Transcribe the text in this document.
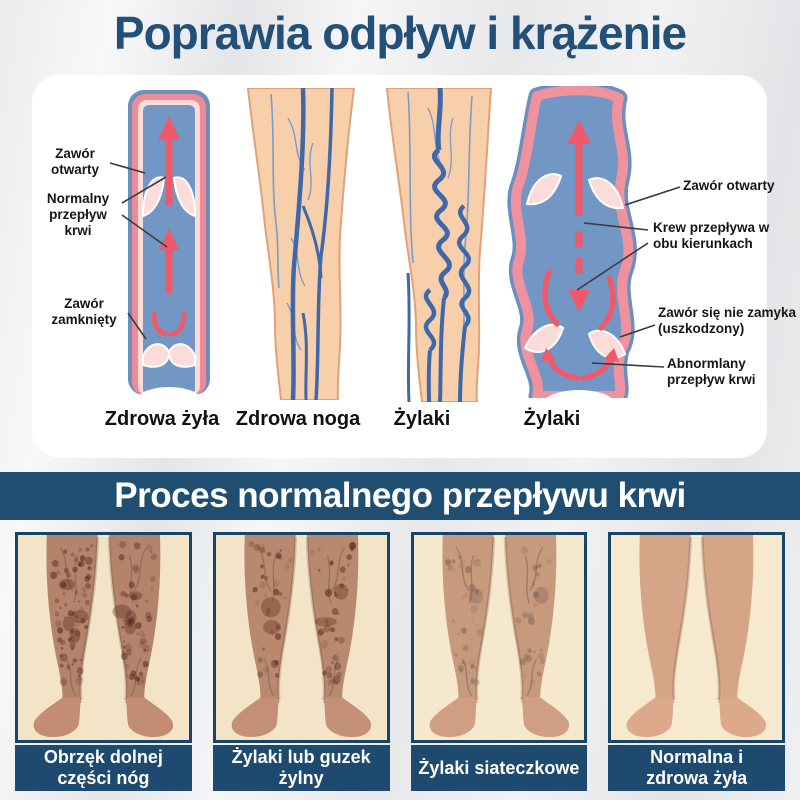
Poprawia odpływ i krążenie
Zawór otwarty
Normalny przepływ krwi
Zawór zamknięty
Zawór otwarty
Krew przepływa w obu kierunkach
Zawór się nie zamyka (uszkodzony)
Abnormlany przepływ krwi
Zdrowa żyła Zdrowa noga Żylaki	Żylaki
Proces normalnego przepływu krwi
Obrzęk dolnej
części nóg
Żylaki lub guzek
żylny
Żylaki siateczkowe
Normalna i
zdrowa żyła
